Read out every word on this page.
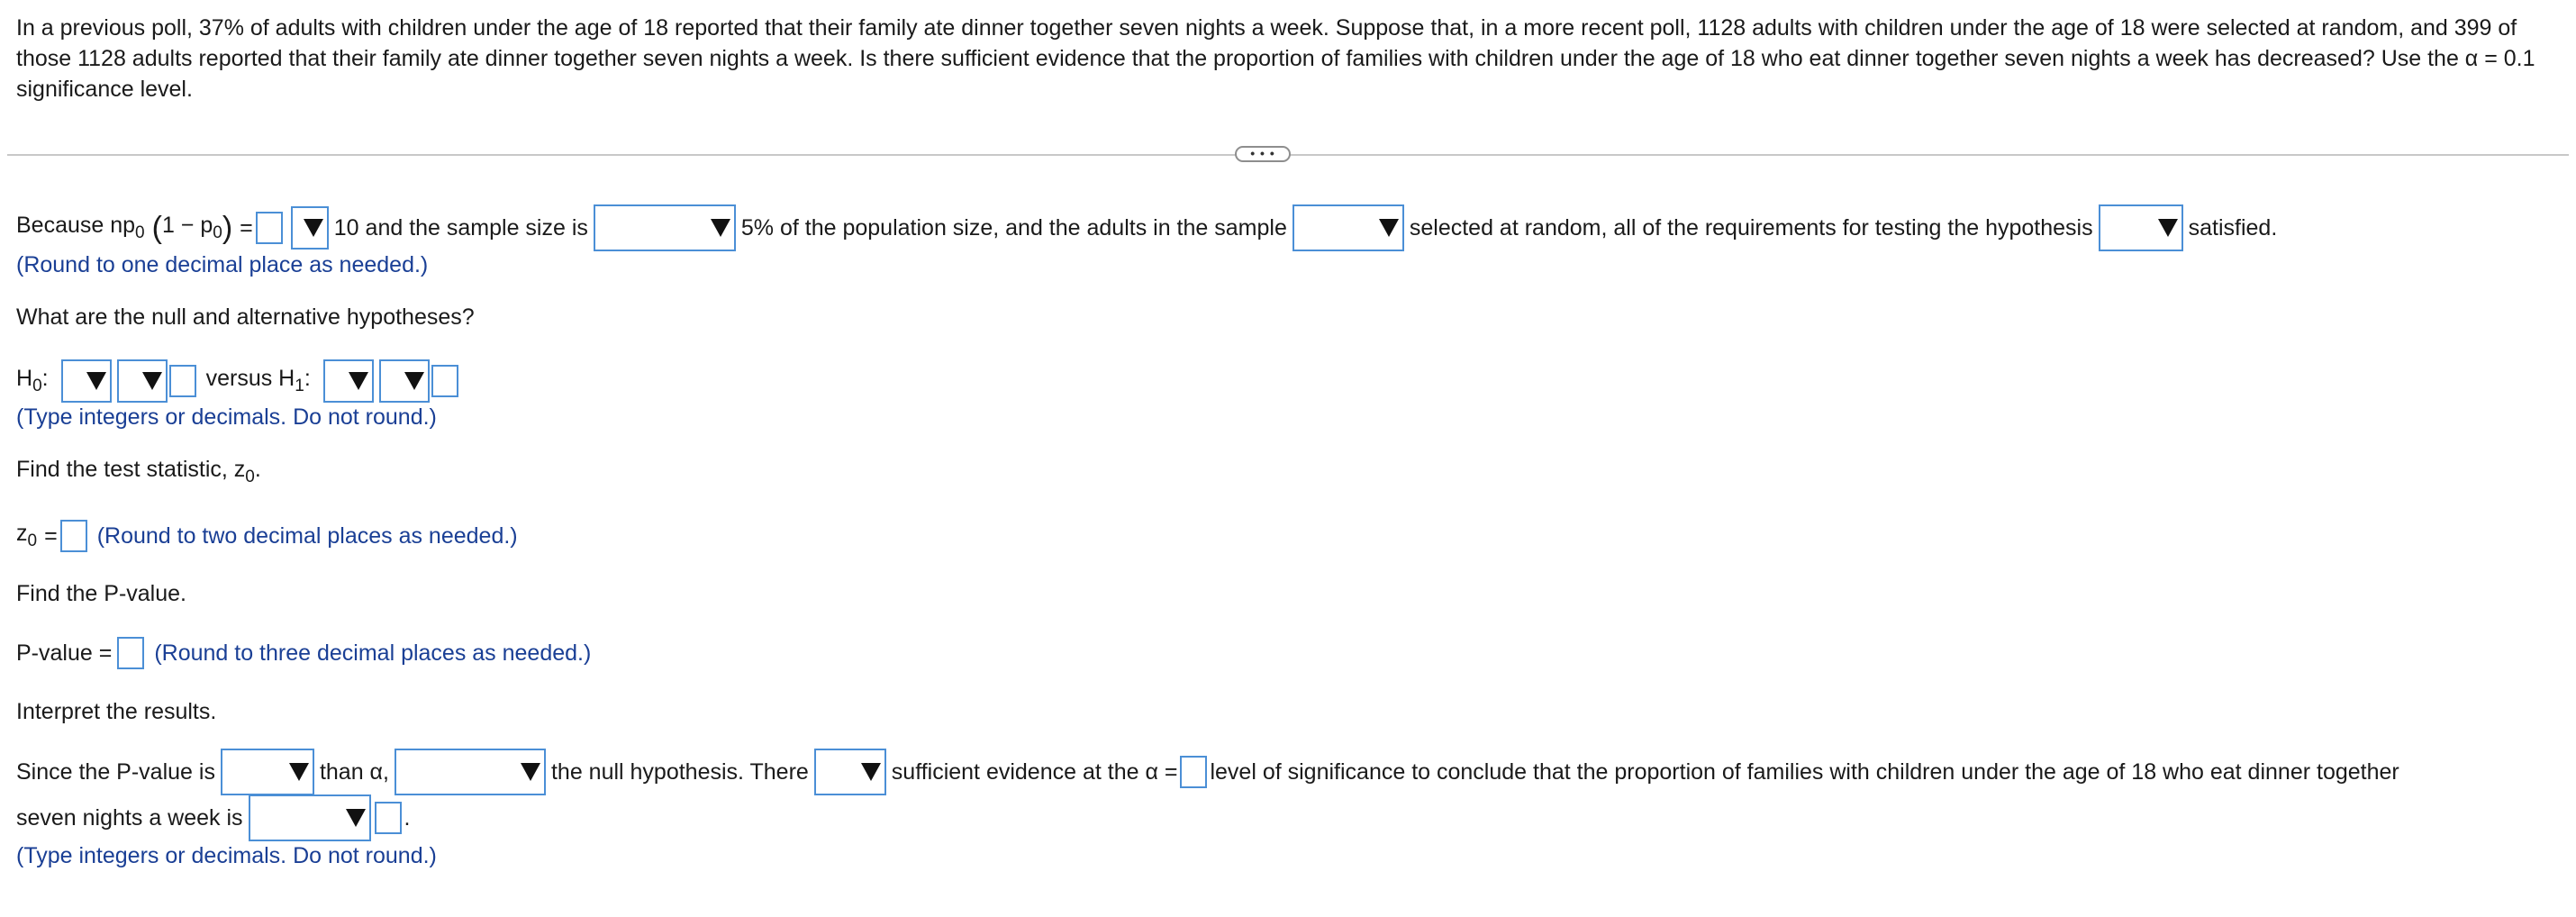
In a previous poll, 37% of adults with children under the age of 18 reported that their family ate dinner together seven nights a week. Suppose that, in a more recent poll, 1128 adults with children under the age of 18 were selected at random, and 399 of those 1128 adults reported that their family ate dinner together seven nights a week. Is there sufficient evidence that the proportion of families with children under the age of 18 who eat dinner together seven nights a week has decreased? Use the α = 0.1 significance level.
• • •
Because $np_0$ ( $1 - p_0$ ) =	10 and the sample size is	5% of the population size, and the adults in the sample	selected at random, all of the requirements for testing the hypothesis	satisfied.
(Round to one decimal place as needed.)
What are the null and alternative hypotheses?
$H_0$:	versus $H_1$:
(Type integers or decimals. Do not round.)
Find the test statistic, $z_0$.
$z_0$ = (Round to two decimal places as needed.)
Find the P-value.
P-value = (Round to three decimal places as needed.)
Interpret the results.
Since the P-value is	than α,	the null hypothesis. There	sufficient evidence at the α = level of significance to conclude that the proportion of families with children under the age of 18 who eat dinner together
seven nights a week is	.
(Type integers or decimals. Do not round.)
